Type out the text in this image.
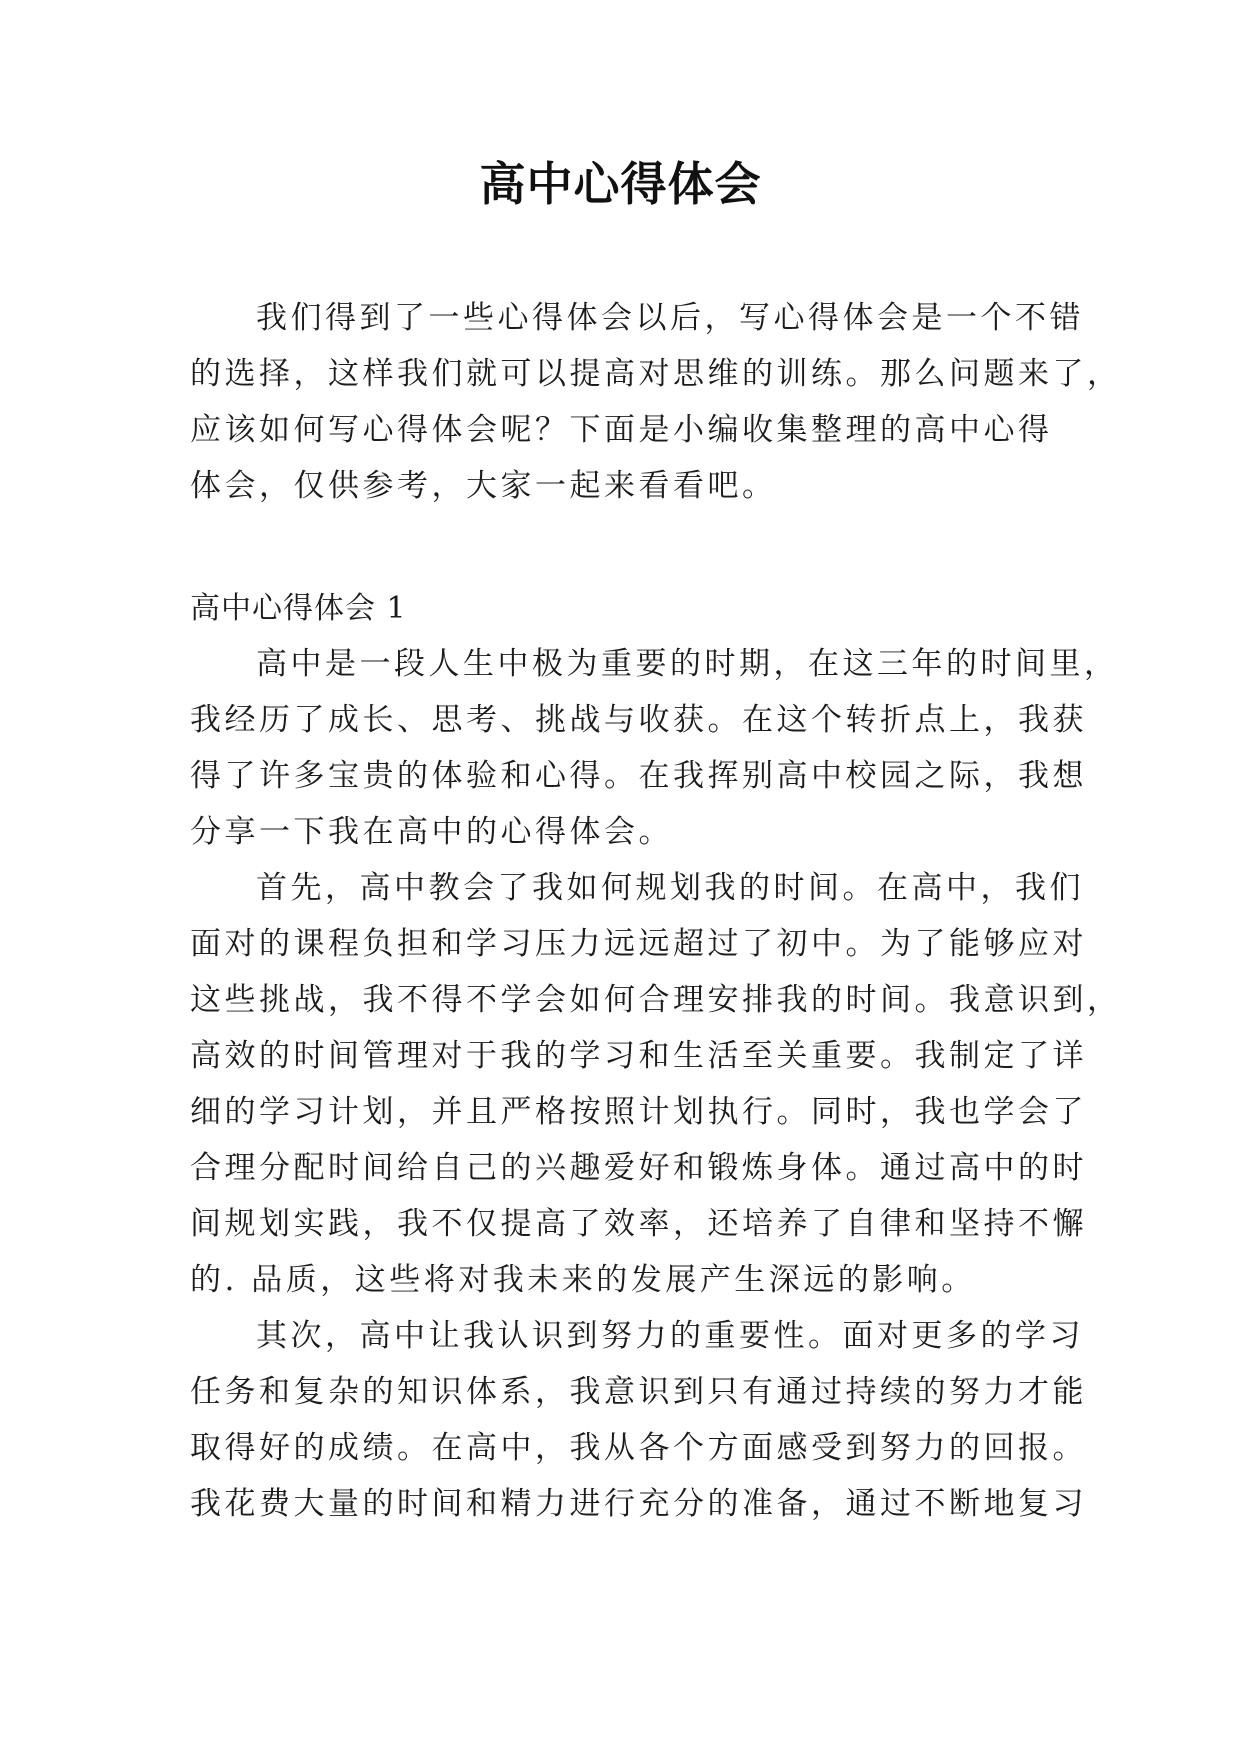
高中心得体会
我们得到了一些心得体会以后，写心得体会是一个不错
的选择，这样我们就可以提高对思维的训练。那么问题来了，
应该如何写心得体会呢？下面是小编收集整理的高中心得
体会，仅供参考，大家一起来看看吧。
高中心得体会 1
高中是一段人生中极为重要的时期，在这三年的时间里，
我经历了成长、思考、挑战与收获。在这个转折点上，我获
得了许多宝贵的体验和心得。在我挥别高中校园之际，我想
分享一下我在高中的心得体会。
首先，高中教会了我如何规划我的时间。在高中，我们
面对的课程负担和学习压力远远超过了初中。为了能够应对
这些挑战，我不得不学会如何合理安排我的时间。我意识到，
高效的时间管理对于我的学习和生活至关重要。我制定了详
细的学习计划，并且严格按照计划执行。同时，我也学会了
合理分配时间给自己的兴趣爱好和锻炼身体。通过高中的时
间规划实践，我不仅提高了效率，还培养了自律和坚持不懈
的. 品质，这些将对我未来的发展产生深远的影响。
其次，高中让我认识到努力的重要性。面对更多的学习
任务和复杂的知识体系，我意识到只有通过持续的努力才能
取得好的成绩。在高中，我从各个方面感受到努力的回报。
我花费大量的时间和精力进行充分的准备，通过不断地复习
